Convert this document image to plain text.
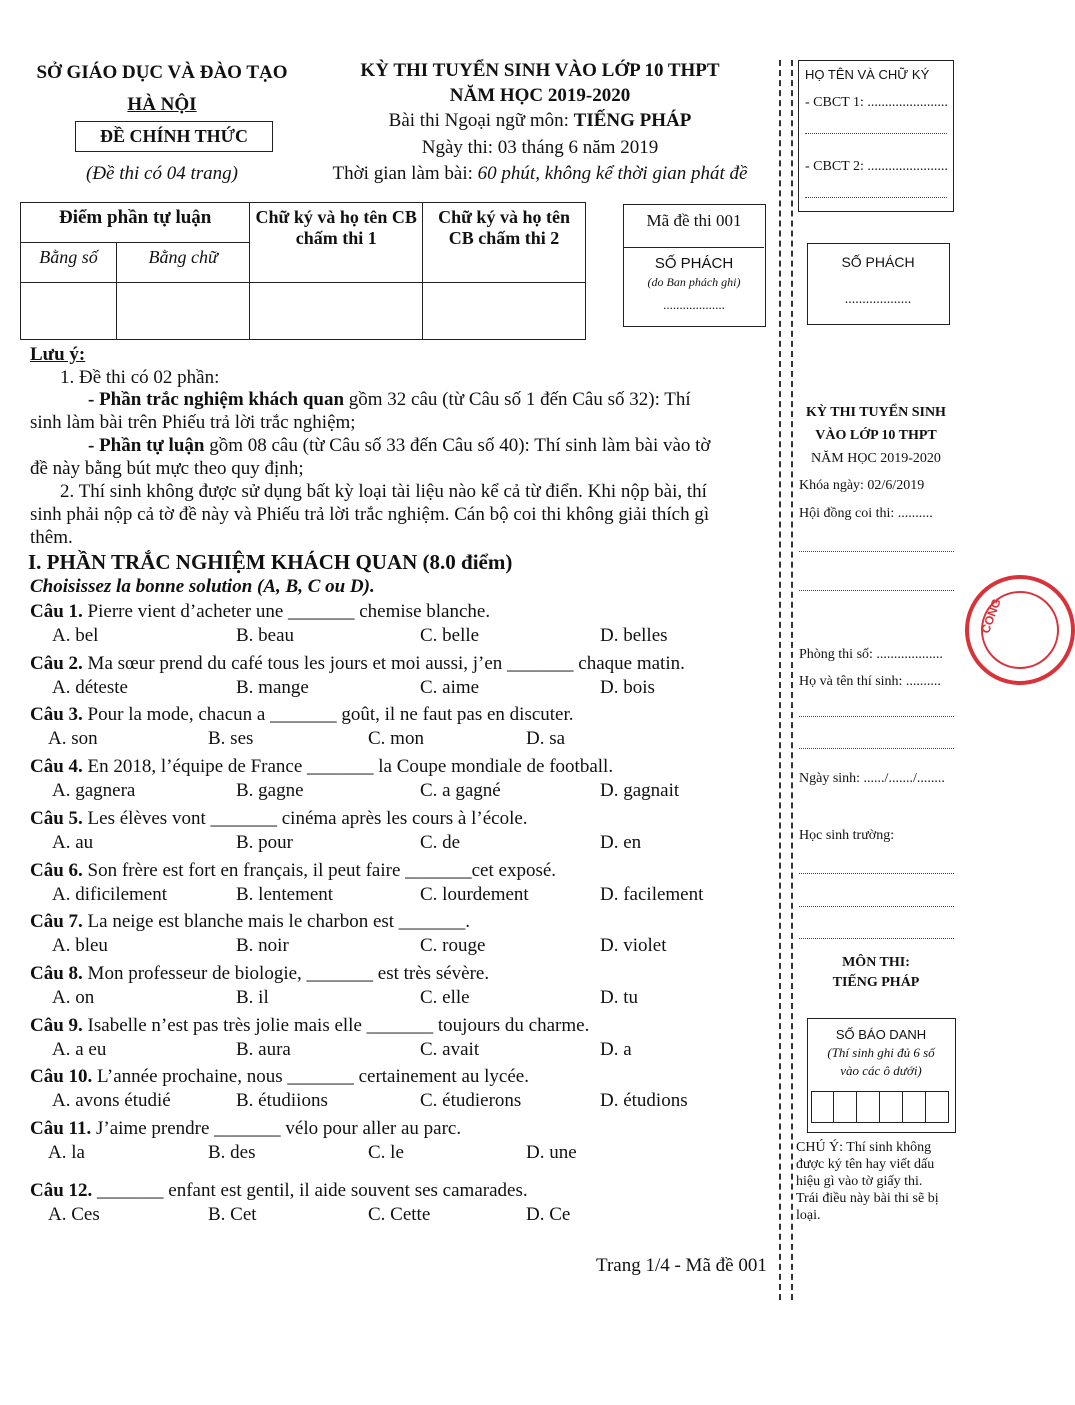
SỞ GIÁO DỤC VÀ ĐÀO TẠO
HÀ NỘI
ĐỀ CHÍNH THỨC
(Đề thi có 04 trang)
KỲ THI TUYỂN SINH VÀO LỚP 10 THPT
NĂM HỌC 2019-2020
Bài thi Ngoại ngữ môn: TIẾNG PHÁP
Ngày thi: 03 tháng 6 năm 2019
Thời gian làm bài: 60 phút, không kể thời gian phát đề
Điểm phần tự luận		Chữ ký và họ tên CB chấm thi 1	Chữ ký và họ tên CB chấm thi 2
Bằng số	Bằng chữ		

Mã đề thi 001
SỐ PHÁCH
(do Ban phách ghi)
...................
Lưu ý:
1. Đề thi có 02 phần:
- Phần trắc nghiệm khách quan gồm 32 câu (từ Câu số 1 đến Câu số 32): Thí
sinh làm bài trên Phiếu trả lời trắc nghiệm;
- Phần tự luận gồm 08 câu (từ Câu số 33 đến Câu số 40): Thí sinh làm bài vào tờ
đề này bằng bút mực theo quy định;
2. Thí sinh không được sử dụng bất kỳ loại tài liệu nào kể cả từ điển. Khi nộp bài, thí
sinh phải nộp cả tờ đề này và Phiếu trả lời trắc nghiệm. Cán bộ coi thi không giải thích gì
thêm.
I. PHẦN TRẮC NGHIỆM KHÁCH QUAN (8.0 điểm)
Choisissez la bonne solution (A, B, C ou D).
Câu 1. Pierre vient d’acheter une _______ chemise blanche.
A. bel	B. beau	C. belle	D. belles
Câu 2. Ma sœur prend du café tous les jours et moi aussi, j’en _______ chaque matin.
A. déteste	B. mange	C. aime	D. bois
Câu 3. Pour la mode, chacun a _______ goût, il ne faut pas en discuter.
A. son	B. ses	C. mon	D. sa
Câu 4. En 2018, l’équipe de France _______ la Coupe mondiale de football.
A. gagnera	B. gagne	C. a gagné	D. gagnait
Câu 5. Les élèves vont _______ cinéma après les cours à l’école.
A. au	B. pour	C. de	D. en
Câu 6. Son frère est fort en français, il peut faire _______cet exposé.
A. dificilement	B. lentement	C. lourdement	D. facilement
Câu 7. La neige est blanche mais le charbon est _______.
A. bleu	B. noir	C. rouge	D. violet
Câu 8. Mon professeur de biologie, _______ est très sévère.
A. on	B. il	C. elle	D. tu
Câu 9. Isabelle n’est pas très jolie mais elle _______ toujours du charme.
A. a eu	B. aura	C. avait	D. a
Câu 10. L’année prochaine, nous _______ certainement au lycée.
A. avons étudié	B. étudiions	C. étudierons	D. étudions
Câu 11. J’aime prendre _______ vélo pour aller au parc.
A. la	B. des	C. le	D. une
Câu 12. _______ enfant est gentil, il aide souvent ses camarades.
A. Ces	B. Cet	C. Cette	D. Ce
Trang 1/4 - Mã đề 001
HỌ TÊN VÀ CHỮ KÝ
- CBCT 1: .......................
- CBCT 2: .......................
SỐ PHÁCH
...................
KỲ THI TUYỂN SINH
VÀO LỚP 10 THPT
NĂM HỌC 2019-2020
Khóa ngày: 02/6/2019
Hội đồng coi thi: ..........
Phòng thi số: ...................
Họ và tên thí sinh: ..........
Ngày sinh: ....../......./........
Học sinh trường:
MÔN THI:
TIẾNG PHÁP
SỐ BÁO DANH
(Thí sinh ghi đủ 6 số
vào các ô dưới)
CHÚ Ý: Thí sinh không
được ký tên hay viết dấu
hiệu gì vào tờ giấy thi.
Trái điều này bài thi sẽ bị
loại.
CÔNG
